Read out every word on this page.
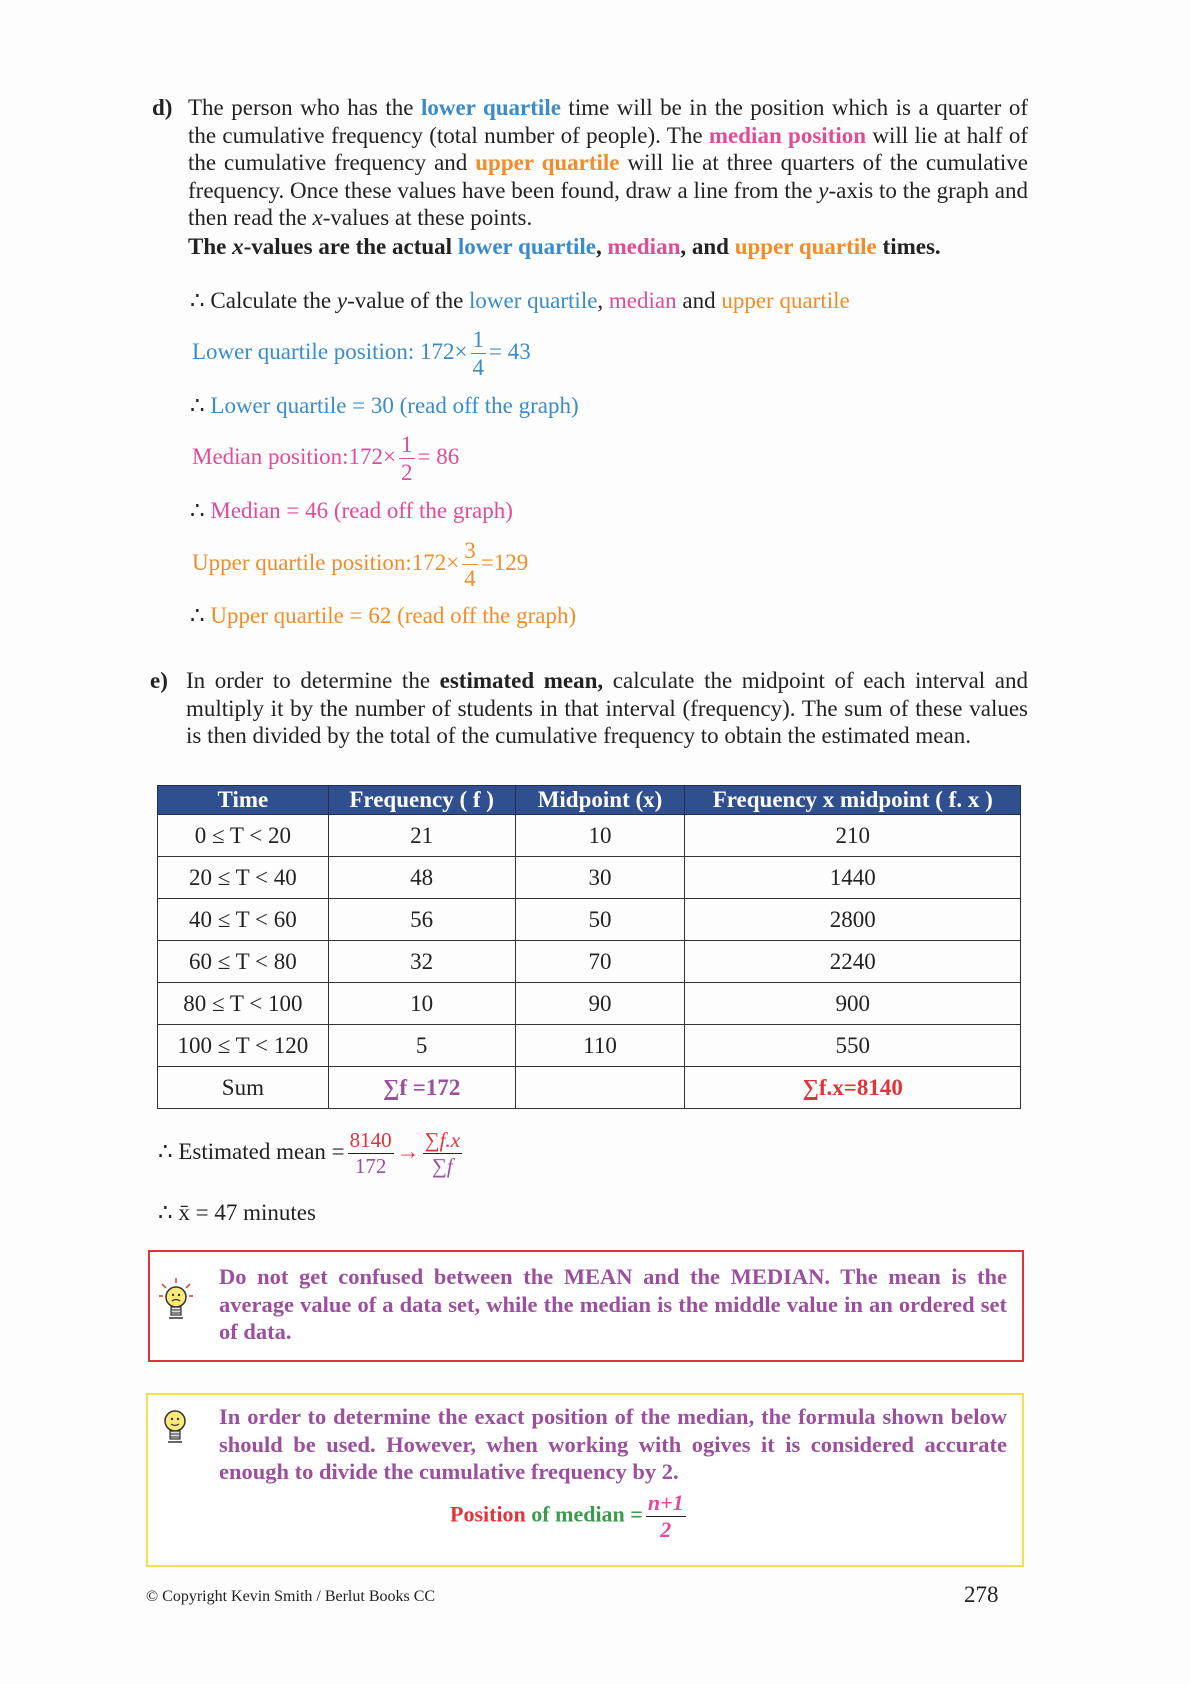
d) The person who has the lower quartile time will be in the position which is a quarter of the cumulative frequency (total number of people). The median position will lie at half of the cumulative frequency and upper quartile will lie at three quarters of the cumulative frequency. Once these values have been found, draw a line from the y-axis to the graph and then read the x-values at these points.
The x-values are the actual lower quartile, median, and upper quartile times.
∴ Calculate the y-value of the lower quartile, median and upper quartile
Lower quartile position: $172\times \frac{1}{4} = 43$
∴ Lower quartile = 30 (read off the graph)
Median position:172× $\frac{1}{2} = 86$
∴ Median = 46 (read off the graph)
Upper quartile position:172× $\frac{3}{4} =129$
∴ Upper quartile = 62 (read off the graph)
e) In order to determine the estimated mean, calculate the midpoint of each interval and multiply it by the number of students in that interval (frequency). The sum of these values is then divided by the total of the cumulative frequency to obtain the estimated mean.
Time	Frequency ( f )	Midpoint (x)	Frequency x midpoint ( f. x )
0 ≤ T < 20	21	10	210
20 ≤ T < 40	48	30	1440
40 ≤ T < 60	56	50	2800
60 ≤ T < 80	32	70	2240
80 ≤ T < 100	10	90	900
100 ≤ T < 120	5	110	550
Sum	∑f =172		∑f.x=8140
∴ Estimated mean = $\frac{8140}{172} \to \frac{\sum f.x}{\sum f}$
∴ x̄ = 47 minutes
Do not get confused between the MEAN and the MEDIAN. The mean is the average value of a data set, while the median is the middle value in an ordered set of data.
In order to determine the exact position of the median, the formula shown below should be used. However, when working with ogives it is considered accurate enough to divide the cumulative frequency by 2.
Position of median = $\frac{n+1}{2}$
© Copyright Kevin Smith / Berlut Books CC	278
